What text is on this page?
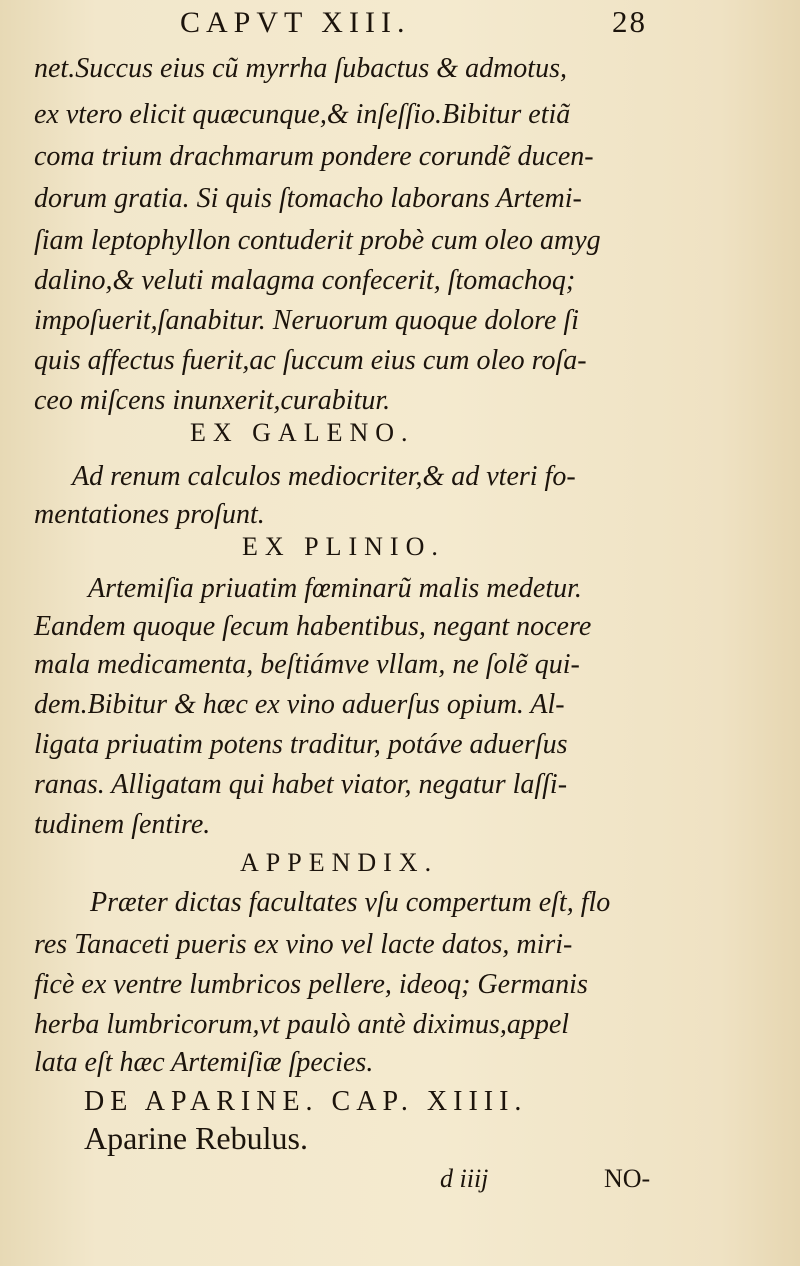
CAPVT XIII.	28
net.Succus eius cũ myrrha ſubactus & admotus,
ex vtero elicit quæcunque,& inſeſſio.Bibitur etiã
coma trium drachmarum pondere corundẽ ducen-
dorum gratia. Si quis ſtomacho laborans Artemi-
ſiam leptophyllon contuderit probè cum oleo amyg
dalino,& veluti malagma confecerit, ſtomachoq;
impoſuerit,ſanabitur. Neruorum quoque dolore ſi
quis affectus fuerit,ac ſuccum eius cum oleo roſa-
ceo miſcens inunxerit,curabitur.
EX GALENO.
Ad renum calculos mediocriter,& ad vteri fo-
mentationes proſunt.
EX PLINIO.
Artemiſia priuatim fœminarũ malis medetur.
Eandem quoque ſecum habentibus, negant nocere
mala medicamenta, beſtiámve vllam, ne ſolẽ qui-
dem.Bibitur & hæc ex vino aduerſus opium. Al-
ligata priuatim potens traditur, potáve aduerſus
ranas. Alligatam qui habet viator, negatur laſſi-
tudinem ſentire.
APPENDIX.
Præter dictas facultates vſu compertum eſt, flo
res Tanaceti pueris ex vino vel lacte datos, miri-
ficè ex ventre lumbricos pellere, ideoq; Germanis
herba lumbricorum,vt paulò antè diximus,appel
lata eſt hæc Artemiſiæ ſpecies.
DE APARINE. CAP. XIIII.
Aparine Rebulus.
d iiij	NO-
